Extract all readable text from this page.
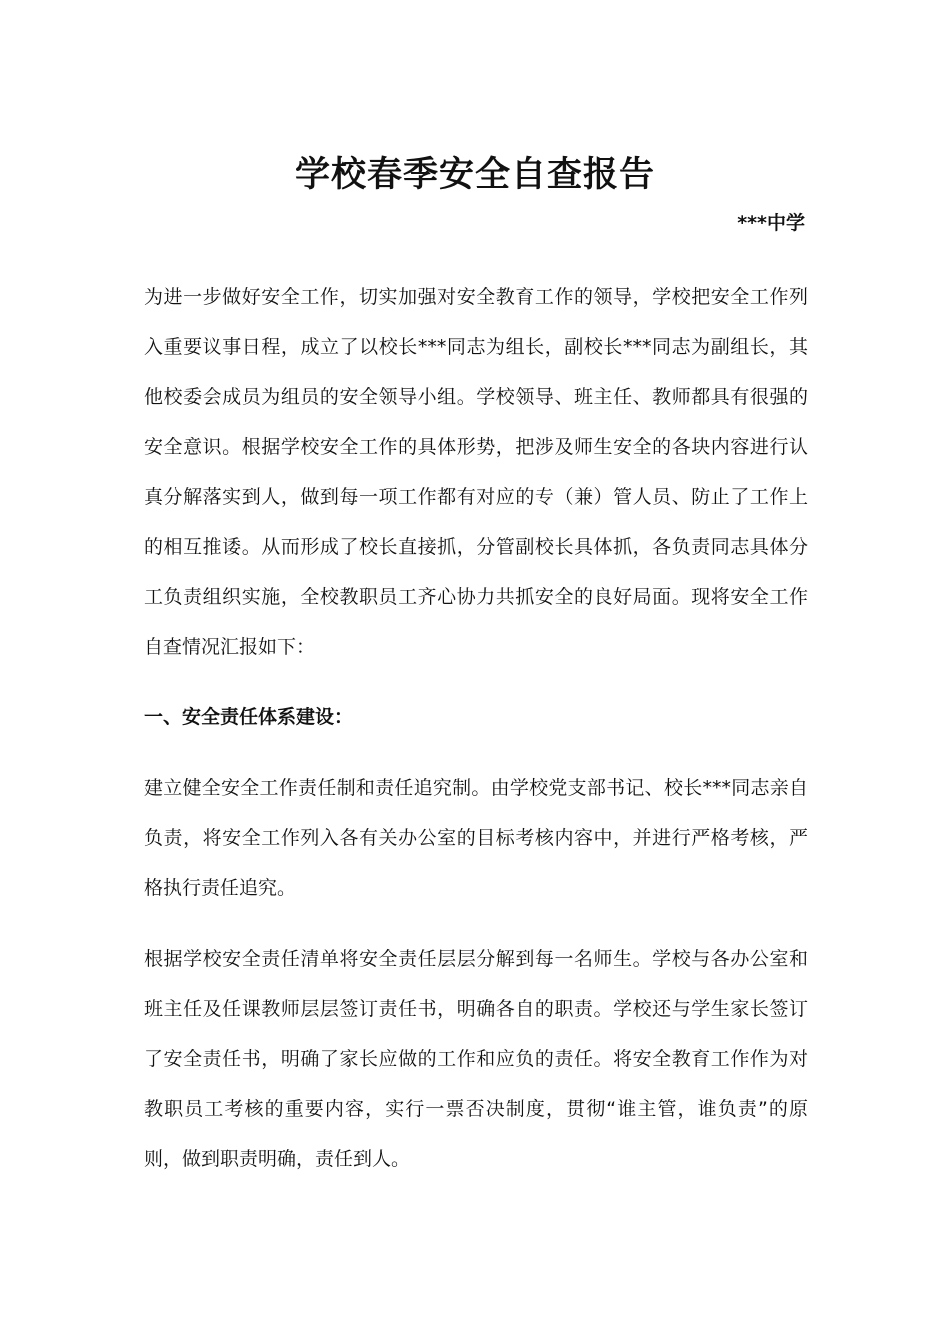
学校春季安全自查报告
***中学

为进一步做好安全工作，切实加强对安全教育工作的领导，学校把安全工作列入重要议事日程，成立了以校长***同志为组长，副校长***同志为副组长，其他校委会成员为组员的安全领导小组。学校领导、班主任、教师都具有很强的安全意识。根据学校安全工作的具体形势，把涉及师生安全的各块内容进行认真分解落实到人，做到每一项工作都有对应的专（兼）管人员、防止了工作上的相互推诿。从而形成了校长直接抓，分管副校长具体抓，各负责同志具体分工负责组织实施，全校教职员工齐心协力共抓安全的良好局面。现将安全工作自查情况汇报如下：

一、安全责任体系建设：

建立健全安全工作责任制和责任追究制。由学校党支部书记、校长***同志亲自负责，将安全工作列入各有关办公室的目标考核内容中，并进行严格考核，严格执行责任追究。

根据学校安全责任清单将安全责任层层分解到每一名师生。学校与各办公室和班主任及任课教师层层签订责任书，明确各自的职责。学校还与学生家长签订了安全责任书，明确了家长应做的工作和应负的责任。将安全教育工作作为对教职员工考核的重要内容，实行一票否决制度，贯彻“谁主管，谁负责”的原则，做到职责明确，责任到人。
